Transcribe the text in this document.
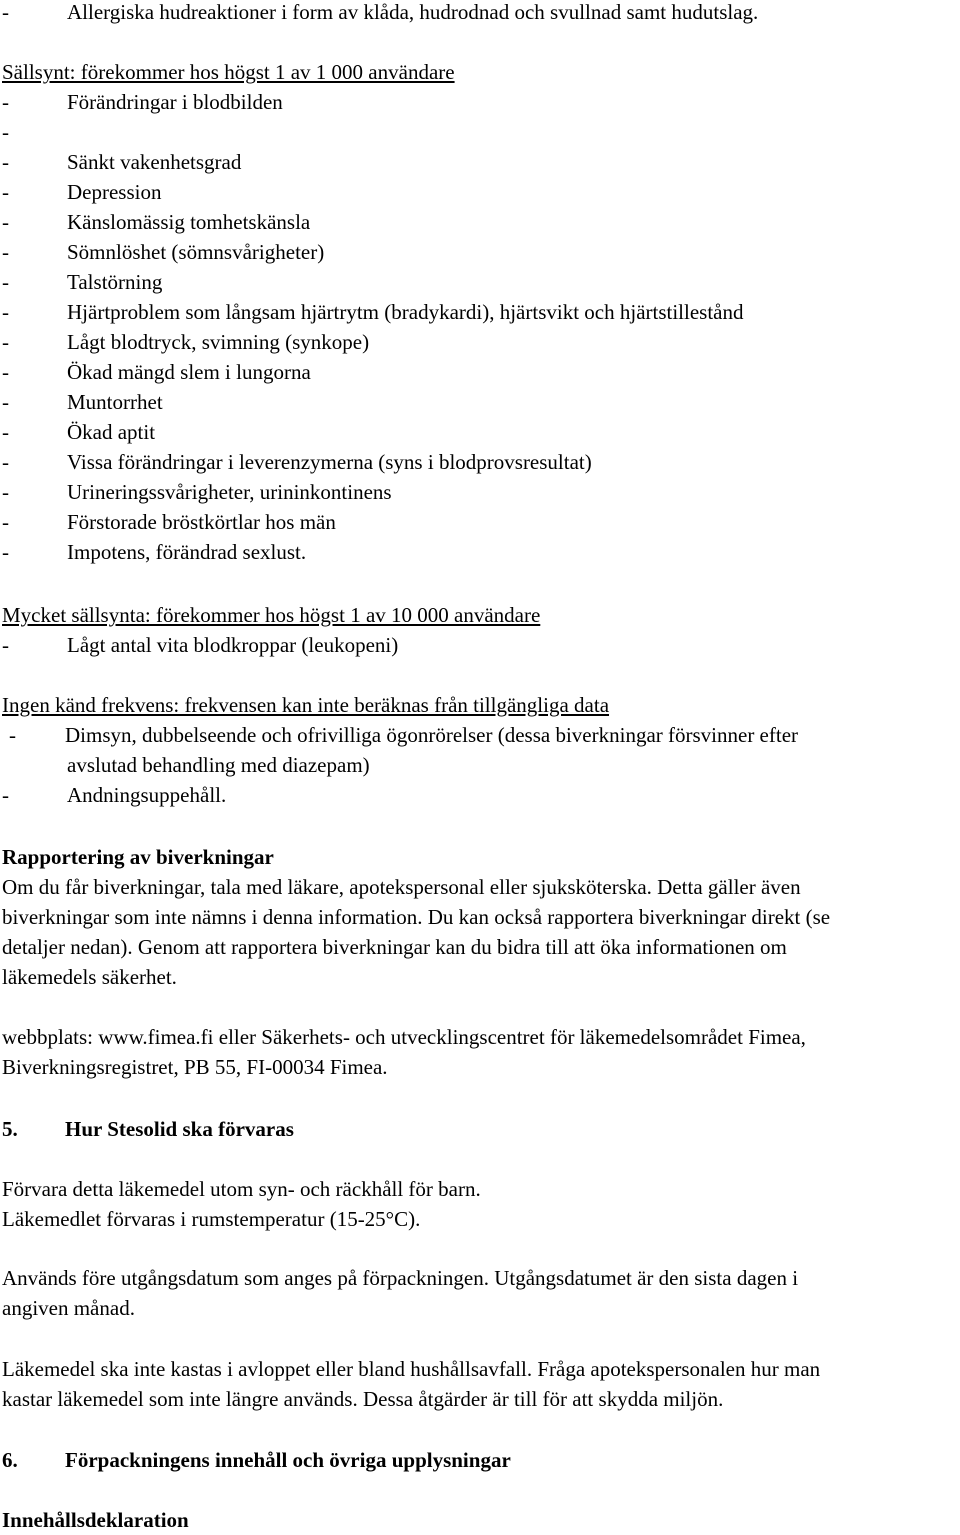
-	Allergiska hudreaktioner i form av klåda, hudrodnad och svullnad samt hudutslag.
Sällsynt: förekommer hos högst 1 av 1 000 användare
-	Förändringar i blodbilden
-
-	Sänkt vakenhetsgrad
-	Depression
-	Känslomässig tomhetskänsla
-	Sömnlöshet (sömnsvårigheter)
-	Talstörning
-	Hjärtproblem som långsam hjärtrytm (bradykardi), hjärtsvikt och hjärtstillestånd
-	Lågt blodtryck, svimning (synkope)
-	Ökad mängd slem i lungorna
-	Muntorrhet
-	Ökad aptit
-	Vissa förändringar i leverenzymerna (syns i blodprovsresultat)
-	Urineringssvårigheter, urininkontinens
-	Förstorade bröstkörtlar hos män
-	Impotens, förändrad sexlust.
Mycket sällsynta: förekommer hos högst 1 av 10 000 användare
-	Lågt antal vita blodkroppar (leukopeni)
Ingen känd frekvens: frekvensen kan inte beräknas från tillgängliga data
- Dimsyn, dubbelseende och ofrivilliga ögonrörelser (dessa biverkningar försvinner efter
avslutad behandling med diazepam)
-	Andningsuppehåll.
Rapportering av biverkningar
Om du får biverkningar, tala med läkare, apotekspersonal eller sjuksköterska. Detta gäller även
biverkningar som inte nämns i denna information. Du kan också rapportera biverkningar direkt (se
detaljer nedan). Genom att rapportera biverkningar kan du bidra till att öka informationen om
läkemedels säkerhet.
webbplats: www.fimea.fi eller Säkerhets- och utvecklingscentret för läkemedelsområdet Fimea,
Biverkningsregistret, PB 55, FI-00034 Fimea.
5. Hur Stesolid ska förvaras
Förvara detta läkemedel utom syn- och räckhåll för barn.
Läkemedlet förvaras i rumstemperatur (15-25°C).
Används före utgångsdatum som anges på förpackningen. Utgångsdatumet är den sista dagen i
angiven månad.
Läkemedel ska inte kastas i avloppet eller bland hushållsavfall. Fråga apotekspersonalen hur man
kastar läkemedel som inte längre används. Dessa åtgärder är till för att skydda miljön.
6. Förpackningens innehåll och övriga upplysningar
Innehållsdeklaration
